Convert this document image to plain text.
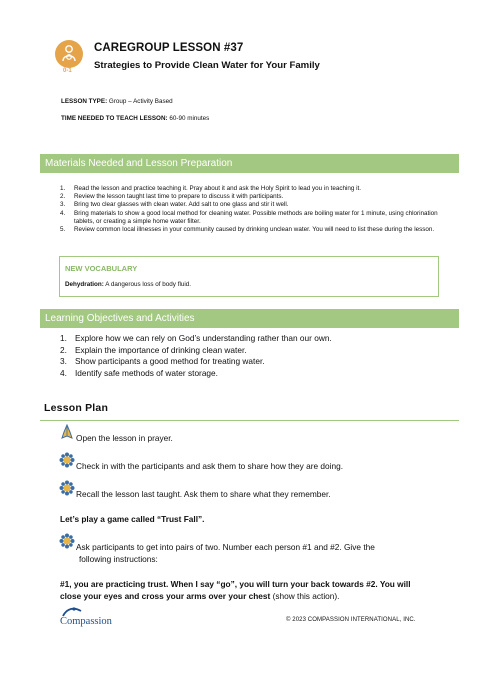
0-1
CAREGROUP LESSON #37
Strategies to Provide Clean Water for Your Family
LESSON TYPE: Group – Activity Based
TIME NEEDED TO TEACH LESSON: 60-90 minutes
Materials Needed and Lesson Preparation
1. Read the lesson and practice teaching it. Pray about it and ask the Holy Spirit to lead you in teaching it.
2. Review the lesson taught last time to prepare to discuss it with participants.
3. Bring two clear glasses with clean water. Add salt to one glass and stir it well.
4. Bring materials to show a good local method for cleaning water. Possible methods are boiling water for 1 minute, using chlorination tablets, or creating a simple home water filter.
5. Review common local illnesses in your community caused by drinking unclean water. You will need to list these during the lesson.
NEW VOCABULARY
Dehydration: A dangerous loss of body fluid.
Learning Objectives and Activities
1. Explore how we can rely on God’s understanding rather than our own.
2. Explain the importance of drinking clean water.
3. Show participants a good method for treating water.
4. Identify safe methods of water storage.
Lesson Plan
Open the lesson in prayer.
Check in with the participants and ask them to share how they are doing.
Recall the lesson last taught. Ask them to share what they remember.
Let’s play a game called “Trust Fall”.
Ask participants to get into pairs of two. Number each person #1 and #2. Give the
following instructions:
#1, you are practicing trust. When I say “go”, you will turn your back towards #2. You will
close your eyes and cross your arms over your chest (show this action).
Compassion	© 2023 COMPASSION INTERNATIONAL, INC.
